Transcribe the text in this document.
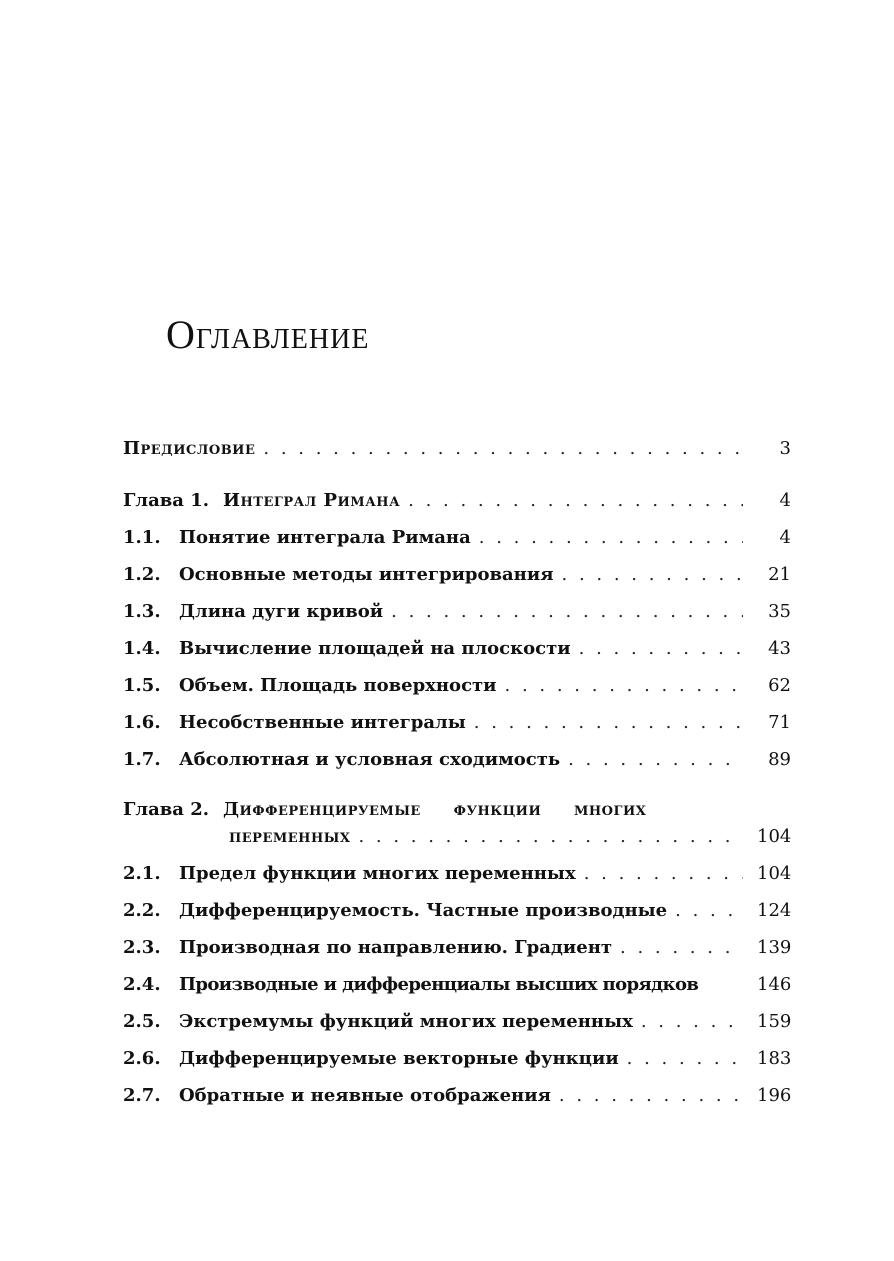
Оглавление
Предисловие . . .	3
Глава 1. Интеграл Римана . . .	4
1.1.	Понятие интеграла Римана . . .	4
1.2.	Основные методы интегрирования . . .	21
1.3.	Длина дуги кривой . . .	35
1.4.	Вычисление площадей на плоскости . . .	43
1.5.	Объем. Площадь поверхности . . .	62
1.6.	Несобственные интегралы . . .	71
1.7.	Абсолютная и условная сходимость . . .	89
Глава 2. Дифференцируемые функции многих
переменных . . .	104
2.1.	Предел функции многих переменных . . .	104
2.2.	Дифференцируемость. Частные производные . . .	124
2.3.	Производная по направлению. Градиент . . .	139
2.4.	Производные и дифференциалы высших порядков	146
2.5.	Экстремумы функций многих переменных . . .	159
2.6.	Дифференцируемые векторные функции . . .	183
2.7.	Обратные и неявные отображения . . .	196
